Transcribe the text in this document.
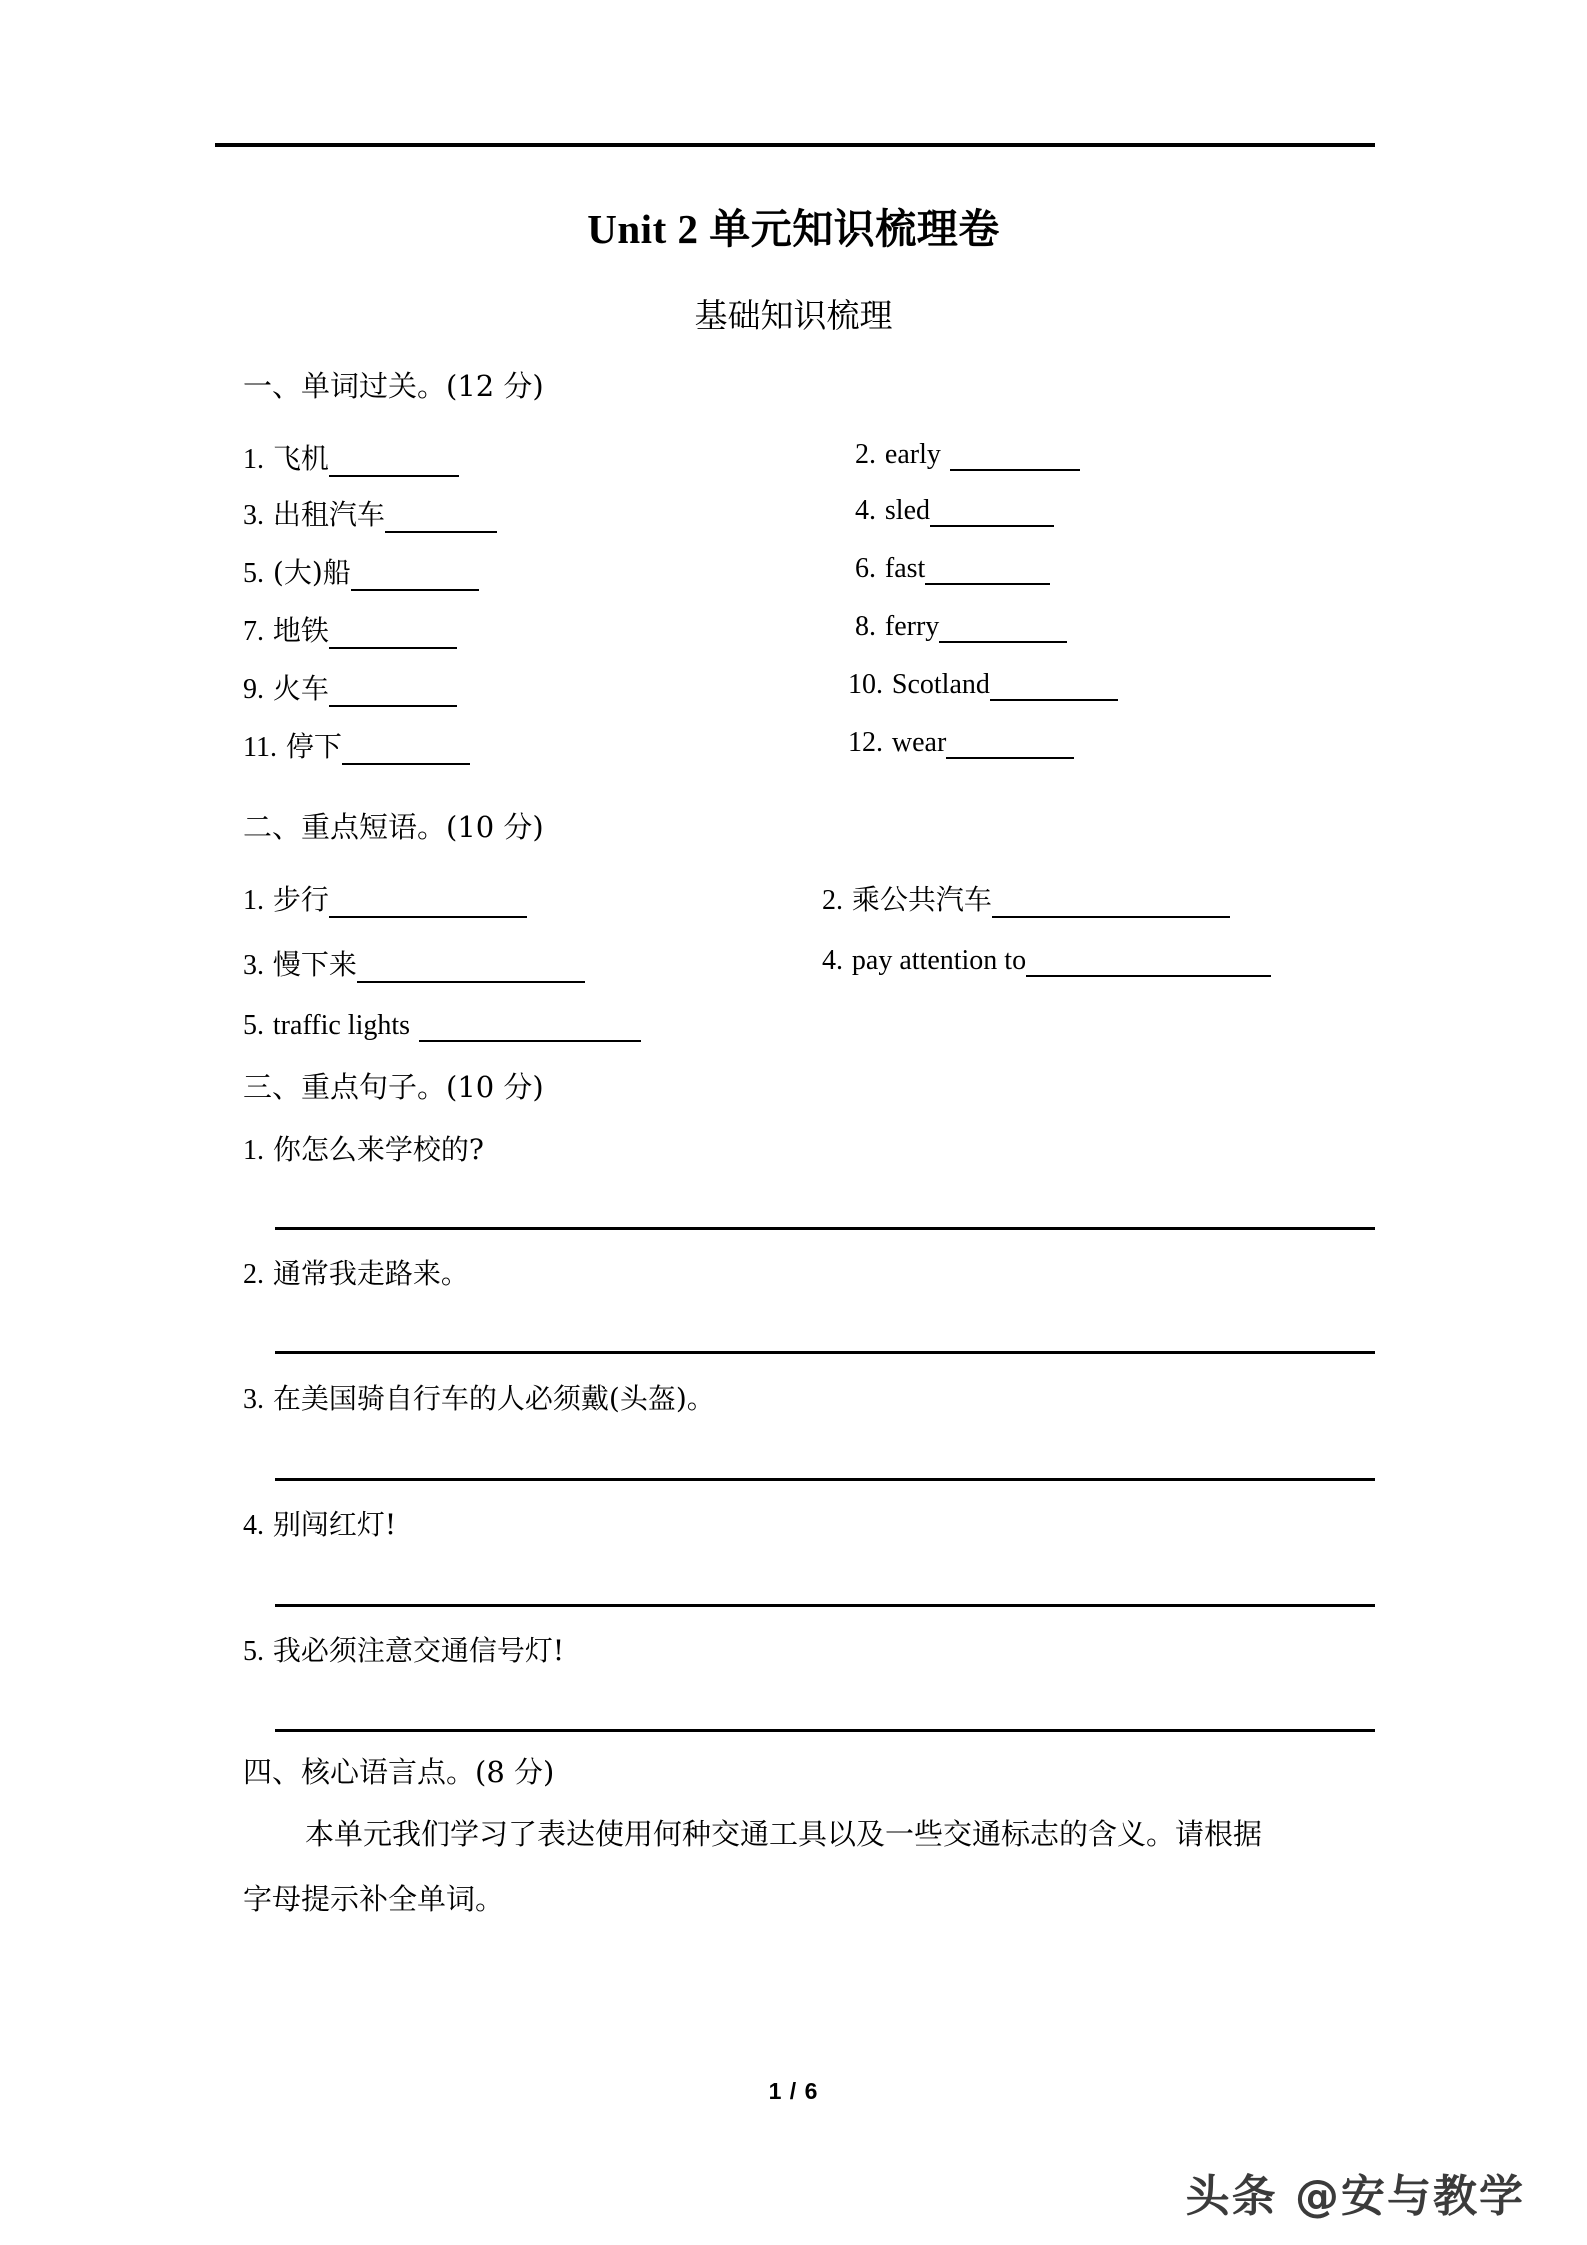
Unit 2 单元知识梳理卷
基础知识梳理
一、单词过关。(12 分)
1. 飞机	2. early
3. 出租汽车	4. sled
5. (大)船	6. fast
7. 地铁	8. ferry
9. 火车	10. Scotland
11. 停下	12. wear
二、重点短语。(10 分)
1. 步行	2. 乘公共汽车
3. 慢下来	4. pay attention to
5. traffic lights
三、重点句子。(10 分)
1. 你怎么来学校的?
2. 通常我走路来。
3. 在美国骑自行车的人必须戴(头盔)。
4. 别闯红灯!
5. 我必须注意交通信号灯!
四、核心语言点。(8 分)
本单元我们学习了表达使用何种交通工具以及一些交通标志的含义。请根据
字母提示补全单词。
1 / 6
头条 @安与教学
